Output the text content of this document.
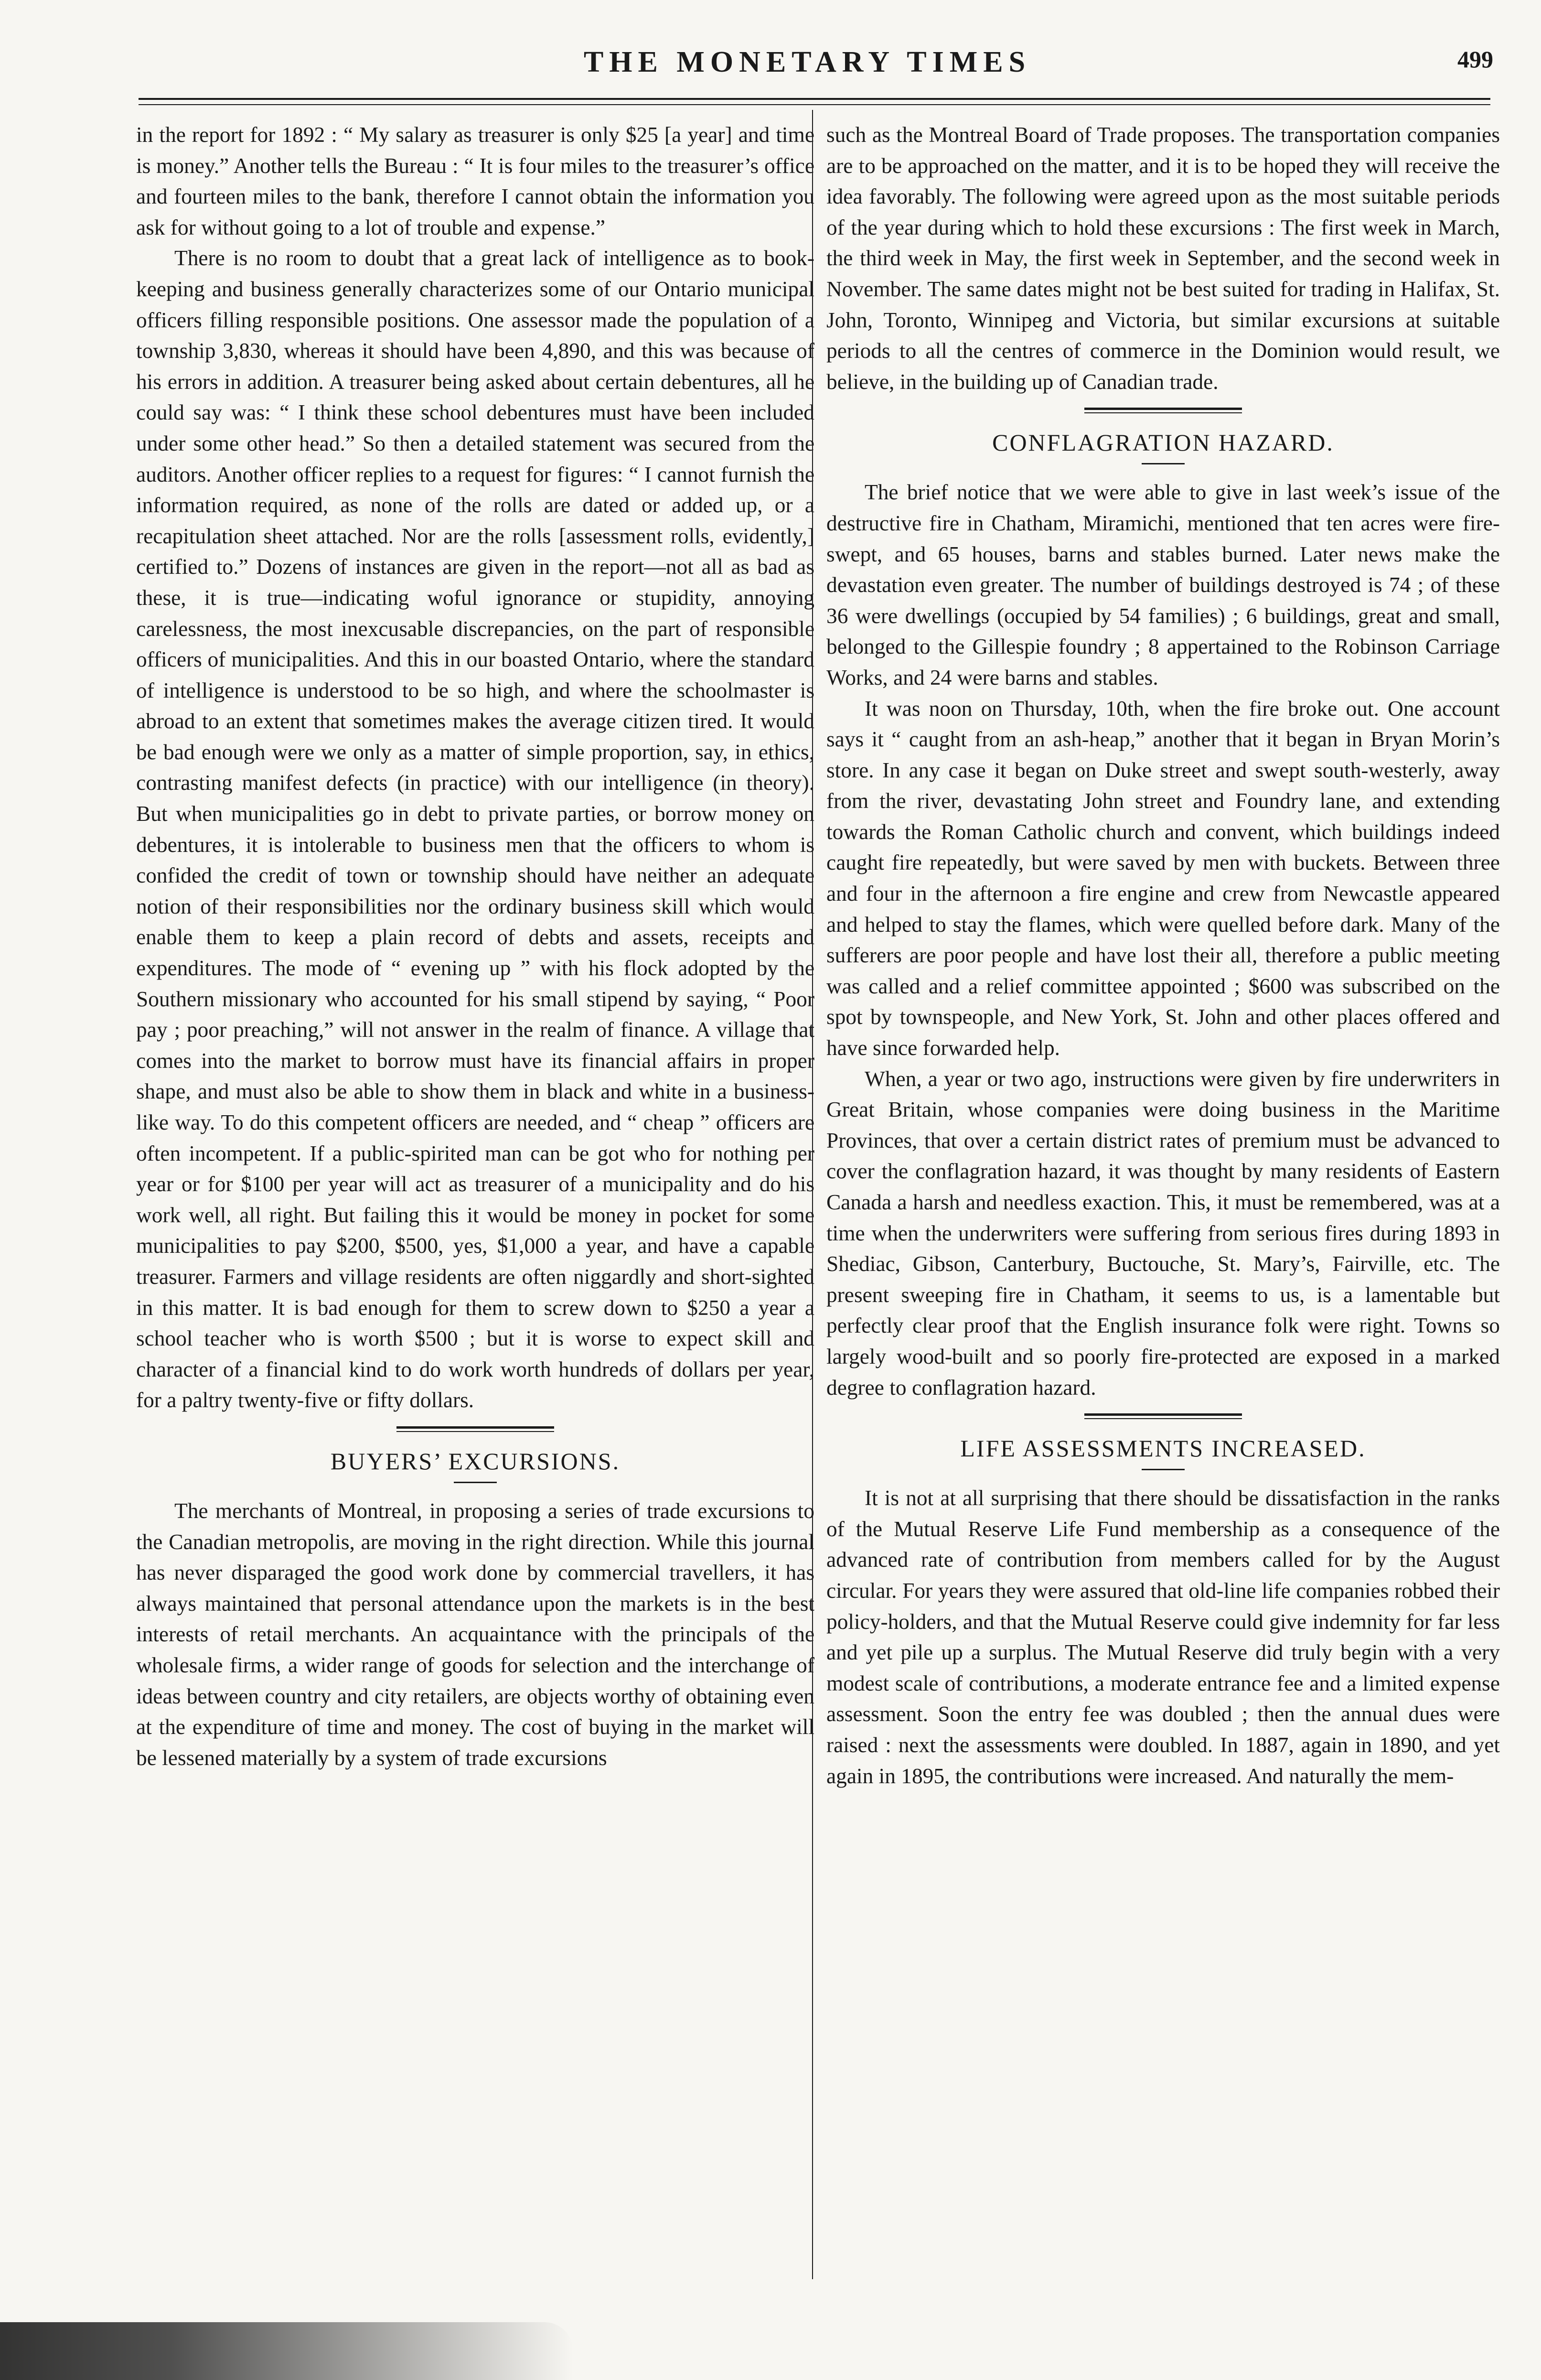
THE MONETARY TIMES	499

in the report for 1892 : “ My salary as treasurer is only $25 [a year] and time is money.” Another tells the Bureau : “ It is four miles to the treasurer’s office and fourteen miles to the bank, therefore I cannot obtain the information you ask for without going to a lot of trouble and expense.”

There is no room to doubt that a great lack of intelligence as to book-keeping and business generally characterizes some of our Ontario municipal officers filling responsible positions. One assessor made the population of a township 3,830, whereas it should have been 4,890, and this was because of his errors in addition. A treasurer being asked about certain debentures, all he could say was: “ I think these school debentures must have been included under some other head.” So then a detailed statement was secured from the auditors. Another officer replies to a request for figures: “ I cannot furnish the information required, as none of the rolls are dated or added up, or a recapitulation sheet attached. Nor are the rolls [assessment rolls, evidently,] certified to.” Dozens of instances are given in the report—not all as bad as these, it is true—indicating woful ignorance or stupidity, annoying carelessness, the most inexcusable discrepancies, on the part of responsible officers of municipalities. And this in our boasted Ontario, where the standard of intelligence is understood to be so high, and where the schoolmaster is abroad to an extent that sometimes makes the average citizen tired. It would be bad enough were we only as a matter of simple proportion, say, in ethics, contrasting manifest defects (in practice) with our intelligence (in theory). But when municipalities go in debt to private parties, or borrow money on debentures, it is intolerable to business men that the officers to whom is confided the credit of town or township should have neither an adequate notion of their responsibilities nor the ordinary business skill which would enable them to keep a plain record of debts and assets, receipts and expenditures. The mode of “ evening up ” with his flock adopted by the Southern missionary who accounted for his small stipend by saying, “ Poor pay ; poor preaching,” will not answer in the realm of finance. A village that comes into the market to borrow must have its financial affairs in proper shape, and must also be able to show them in black and white in a business-like way. To do this competent officers are needed, and “ cheap ” officers are often incompetent. If a public-spirited man can be got who for nothing per year or for $100 per year will act as treasurer of a municipality and do his work well, all right. But failing this it would be money in pocket for some municipalities to pay $200, $500, yes, $1,000 a year, and have a capable treasurer. Farmers and village residents are often niggardly and short-sighted in this matter. It is bad enough for them to screw down to $250 a year a school teacher who is worth $500 ; but it is worse to expect skill and character of a financial kind to do work worth hundreds of dollars per year, for a paltry twenty-five or fifty dollars.

BUYERS’ EXCURSIONS.

The merchants of Montreal, in proposing a series of trade excursions to the Canadian metropolis, are moving in the right direction. While this journal has never disparaged the good work done by commercial travellers, it has always maintained that personal attendance upon the markets is in the best interests of retail merchants. An acquaintance with the principals of the wholesale firms, a wider range of goods for selection and the interchange of ideas between country and city retailers, are objects worthy of obtaining even at the expenditure of time and money. The cost of buying in the market will be lessened materially by a system of trade excursions

such as the Montreal Board of Trade proposes. The transportation companies are to be approached on the matter, and it is to be hoped they will receive the idea favorably. The following were agreed upon as the most suitable periods of the year during which to hold these excursions : The first week in March, the third week in May, the first week in September, and the second week in November. The same dates might not be best suited for trading in Halifax, St. John, Toronto, Winnipeg and Victoria, but similar excursions at suitable periods to all the centres of commerce in the Dominion would result, we believe, in the building up of Canadian trade.

CONFLAGRATION HAZARD.

The brief notice that we were able to give in last week’s issue of the destructive fire in Chatham, Miramichi, mentioned that ten acres were fire-swept, and 65 houses, barns and stables burned. Later news make the devastation even greater. The number of buildings destroyed is 74 ; of these 36 were dwellings (occupied by 54 families) ; 6 buildings, great and small, belonged to the Gillespie foundry ; 8 appertained to the Robinson Carriage Works, and 24 were barns and stables.

It was noon on Thursday, 10th, when the fire broke out. One account says it “ caught from an ash-heap,” another that it began in Bryan Morin’s store. In any case it began on Duke street and swept south-westerly, away from the river, devastating John street and Foundry lane, and extending towards the Roman Catholic church and convent, which buildings indeed caught fire repeatedly, but were saved by men with buckets. Between three and four in the afternoon a fire engine and crew from Newcastle appeared and helped to stay the flames, which were quelled before dark. Many of the sufferers are poor people and have lost their all, therefore a public meeting was called and a relief committee appointed ; $600 was subscribed on the spot by townspeople, and New York, St. John and other places offered and have since forwarded help.

When, a year or two ago, instructions were given by fire underwriters in Great Britain, whose companies were doing business in the Maritime Provinces, that over a certain district rates of premium must be advanced to cover the conflagration hazard, it was thought by many residents of Eastern Canada a harsh and needless exaction. This, it must be remembered, was at a time when the underwriters were suffering from serious fires during 1893 in Shediac, Gibson, Canterbury, Buctouche, St. Mary’s, Fairville, etc. The present sweeping fire in Chatham, it seems to us, is a lamentable but perfectly clear proof that the English insurance folk were right. Towns so largely wood-built and so poorly fire-protected are exposed in a marked degree to conflagration hazard.

LIFE ASSESSMENTS INCREASED.

It is not at all surprising that there should be dissatisfaction in the ranks of the Mutual Reserve Life Fund membership as a consequence of the advanced rate of contribution from members called for by the August circular. For years they were assured that old-line life companies robbed their policy-holders, and that the Mutual Reserve could give indemnity for far less and yet pile up a surplus. The Mutual Reserve did truly begin with a very modest scale of contributions, a moderate entrance fee and a limited expense assessment. Soon the entry fee was doubled ; then the annual dues were raised : next the assessments were doubled. In 1887, again in 1890, and yet again in 1895, the contributions were increased. And naturally the mem-
